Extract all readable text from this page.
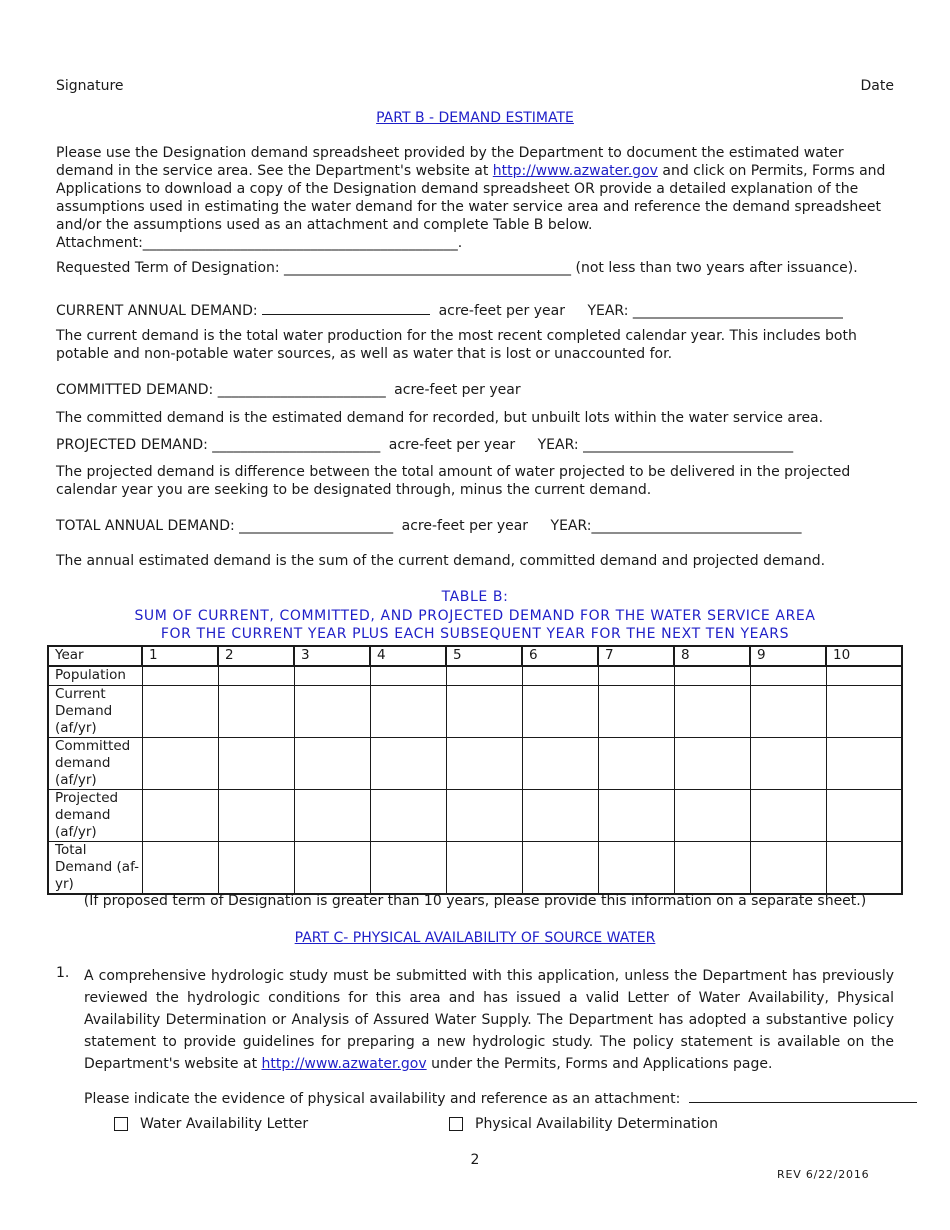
Signature	Date
PART B - DEMAND ESTIMATE
Please use the Designation demand spreadsheet provided by the Department to document the estimated water demand in the service area. See the Department's website at http://www.azwater.gov and click on Permits, Forms and Applications to download a copy of the Designation demand spreadsheet OR provide a detailed explanation of the assumptions used in estimating the water demand for the water service area and reference the demand spreadsheet and/or the assumptions used as an attachment and complete Table B below. Attachment:_____________________________________________.
Requested Term of Designation: _________________________________________ (not less than two years after issuance).
CURRENT ANNUAL DEMAND:	acre-feet per year YEAR: ______________________________
The current demand is the total water production for the most recent completed calendar year. This includes both potable and non-potable water sources, as well as water that is lost or unaccounted for.
COMMITTED DEMAND: ________________________ acre-feet per year
The committed demand is the estimated demand for recorded, but unbuilt lots within the water service area.
PROJECTED DEMAND: ________________________ acre-feet per year YEAR: ______________________________
The projected demand is difference between the total amount of water projected to be delivered in the projected calendar year you are seeking to be designated through, minus the current demand.
TOTAL ANNUAL DEMAND: ______________________ acre-feet per year YEAR:______________________________
The annual estimated demand is the sum of the current demand, committed demand and projected demand.
TABLE B:
SUM OF CURRENT, COMMITTED, AND PROJECTED DEMAND FOR THE WATER SERVICE AREA
FOR THE CURRENT YEAR PLUS EACH SUBSEQUENT YEAR FOR THE NEXT TEN YEARS
Year	1	2	3	4	5	6	7	8	9	10
Population										
Current Demand (af/yr)										
Committed demand (af/yr)										
Projected demand (af/yr)										
Total Demand (af-yr)										
(If proposed term of Designation is greater than 10 years, please provide this information on a separate sheet.)
PART C- PHYSICAL AVAILABILITY OF SOURCE WATER
1. A comprehensive hydrologic study must be submitted with this application, unless the Department has previously reviewed the hydrologic conditions for this area and has issued a valid Letter of Water Availability, Physical Availability Determination or Analysis of Assured Water Supply. The Department has adopted a substantive policy statement to provide guidelines for preparing a new hydrologic study. The policy statement is available on the Department's website at http://www.azwater.gov under the Permits, Forms and Applications page.
Please indicate the evidence of physical availability and reference as an attachment:
Water Availability Letter	Physical Availability Determination
2
REV 6/22/2016
